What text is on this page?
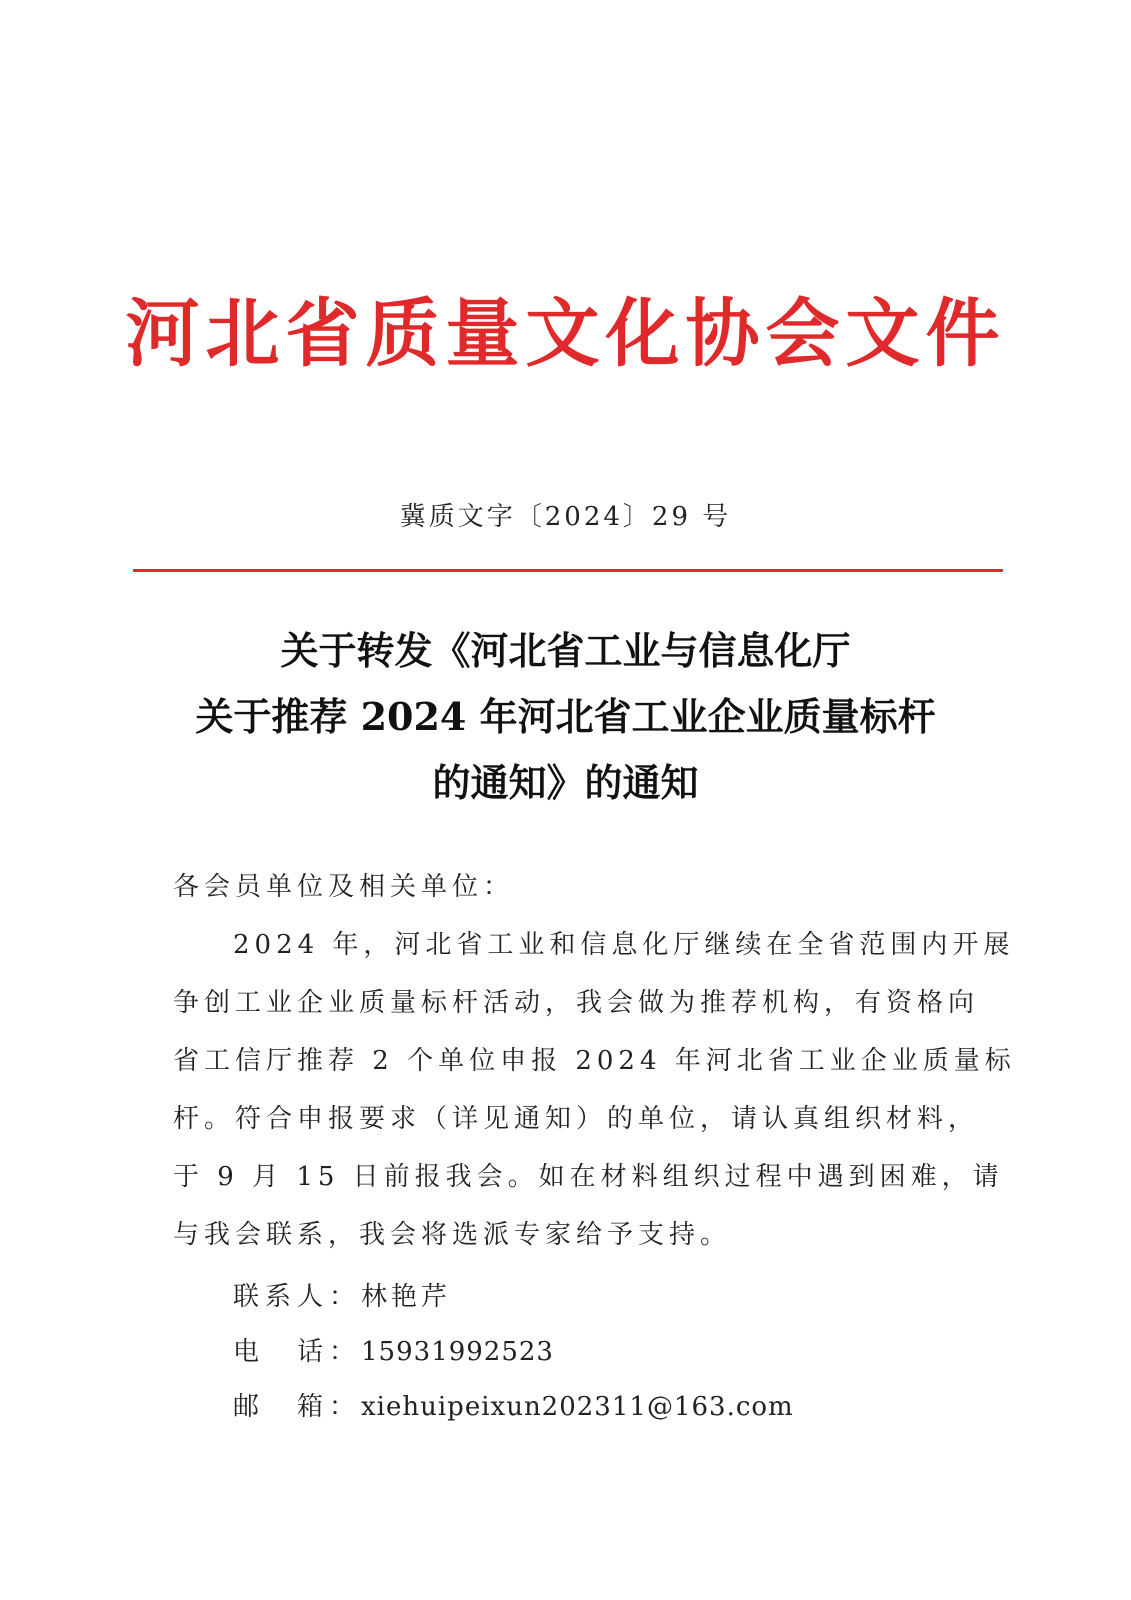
河北省质量文化协会文件
冀质文字〔2024〕29 号
关于转发《河北省工业与信息化厅
关于推荐 2024 年河北省工业企业质量标杆
的通知》的通知
各会员单位及相关单位：
2024 年，河北省工业和信息化厅继续在全省范围内开展
争创工业企业质量标杆活动，我会做为推荐机构，有资格向
省工信厅推荐 2 个单位申报 2024 年河北省工业企业质量标
杆。符合申报要求（详见通知）的单位，请认真组织材料，
于 9 月 15 日前报我会。如在材料组织过程中遇到困难，请
与我会联系，我会将选派专家给予支持。
联系人：林艳芹
电　话：15931992523
邮　箱：xiehuipeixun202311@163.com
